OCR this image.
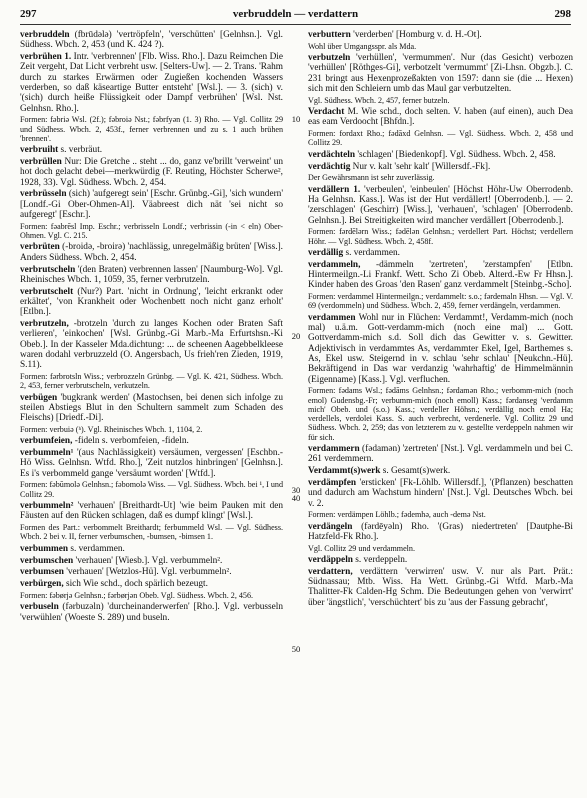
297	verbruddeln — verdattern	298

verbruddeln (fbrūdələ) 'vertröpfeln', 'verschütten' [Gelnhsn.]. Vgl. Südhess. Wbch. 2, 453 (und K. 424 ?).

verbrühen 1. Intr. 'verbrennen' [Flb. Wiss. Rho.]. Dazu Reimchen Die Zeit vergeht, Dat Licht verbreht usw. [Selters-Uw]. — 2. Trans. 'Rahm durch zu starkes Erwärmen oder Zugießen kochenden Wassers verderben, so daß käseartige Butter entsteht' [Wsl.]. — 3. (sich) v. '(sich) durch heiße Flüssigkeit oder Dampf verbrühen' [Wsl. Nst. Gelnhsn. Rho.].

Formen: fəbriə Wsl. (2f.); fəbroiə Nst.; fəbrfyən (1. 3) Rho. — Vgl. Collitz 29 und Südhess. Wbch. 2, 453f., ferner verbrennen und zu s. 1 auch brühen 'brennen'.

verbruiht s. verbräut.

verbrüllen Nur: Die Gretche .. steht ... do, ganz ve'brillt 'verweint' un hot doch gelacht debei—merkwürdig (F. Reuting, Höchster Scherwe², 1928, 33). Vgl. Südhess. Wbch. 2, 454.

verbrüsseln (sich) 'aufgeregt sein' [Eschr. Grünbg.-Gi], 'sich wundern' [Londf.-Gi Ober-Ohmen-Al]. Väabreest dich nät 'sei nicht so aufgeregt' [Eschr.].

Formen: fəabrēsl Imp. Eschr.; verbrisseln Londf.; verbrissin (-in < eln) Ober-Ohmen. Vgl. C. 215.

verbrüten (-broidə, -broirə) 'nachlässig, unregelmäßig brüten' [Wiss.]. Anders Südhess. Wbch. 2, 454.

verbrutscheln '(den Braten) verbrennen lassen' [Naumburg-Wo]. Vgl. Rheinisches Wbch. 1, 1059, 35, ferner verbrutzeln.

verbrutschelt (Nur?) Part. 'nicht in Ordnung', 'leicht erkrankt oder erkältet', 'von Krankheit oder Wochenbett noch nicht ganz erholt' [Etlbn.].

verbrutzeln, -brotzeln 'durch zu langes Kochen oder Braten Saft verlieren', 'einkochen' [Wsl. Grünbg.-Gi Marb.-Ma Erfurtshsn.-Ki Obeb.]. In der Kasseler Mda.dichtung: ... de scheenen Aagebbelkleese waren dodahl verbruzzeld (O. Angersbach, Us frieh'ren Zieden, 1919, S.11).

Formen: fərbrotsln Wiss.; verbrozzeln Grünbg. — Vgl. K. 421, Südhess. Wbch. 2, 453, ferner verbrutscheln, verkutzeln.

verbügen 'bugkrank werden' (Mastochsen, bei denen sich infolge zu steilen Abstiegs Blut in den Schultern sammelt zum Schaden des Fleischs) [Driedf.-Di].

Formen: verbuiə (ʰ). Vgl. Rheinisches Wbch. 1, 1104, 2.

verbumfeien, -fideln s. verbomfeien, -fideln.

verbummeln¹ '(aus Nachlässigkeit) versäumen, vergessen' [Eschbn.-Hö Wiss. Gelnhsn. Wtfd. Rho.], 'Zeit nutzlos hinbringen' [Gelnhsn.]. Es i's verbommeld gange 'versäumt worden' [Wtfd.].

Formen: fəbūmolə Gelnhsn.; fəbomolə Wiss. — Vgl. Südhess. Wbch. bei ¹, I und Collitz 29.

verbummeln² 'verhauen' [Breithardt-Ut] 'wie beim Pauken mit den Fäusten auf den Rücken schlagen, daß es dumpf klingt' [Wsl.].

Formen des Part.: verbommelt Breithardt; ferbummeld Wsl. — Vgl. Südhess. Wbch. 2 bei v. II, ferner verbumschen, -bumsen, -bimsen 1.

verbummen s. verdammen.

verbumschen 'verhauen' [Wiesb.]. Vgl. verbummeln².

verbumsen 'verhauen' [Wetzlos-Hü]. Vgl. verbummeln².

verbürgen, sich Wie schd., doch spärlich bezeugt.

Formen: fəbørjə Gelnhsn.; fərbørjən Obeb. Vgl. Südhess. Wbch. 2, 456.

verbuseln (fərbuzəln) 'durcheinanderwerfen' [Rho.]. Vgl. verbusseln 'verwühlen' (Woeste S. 289) und buseln.

10
20
30
40
50

verbuttern 'verderben' [Homburg v. d. H.-Ot].

Wohl über Umgangsspr. als Mda.

verbutzeln 'verhüllen', 'vermummen'. Nur (das Gesicht) verbozen 'verhüllen' [Röthges-Gi], verbotzelt 'vermummt' [Zi-Lhsn. Obgzb.]. C. 231 bringt aus Hexenprozeßakten von 1597: dann sie (die ... Hexen) sich mit den Schleiern umb das Maul gar verbutzelten.

Vgl. Südhess. Wbch. 2, 457, ferner butzeln.

Verdacht M. Wie schd., doch selten. V. haben (auf einen), auch Dea eas eam Verdoocht [Bhfdn.].

Formen: fordaxt Rho.; fədāxd Gelnhsn. — Vgl. Südhess. Wbch. 2, 458 und Collitz 29.

verdächteln 'schlagen' [Biedenkopf]. Vgl. Südhess. Wbch. 2, 458.

verdächtig Nur v. kalt 'sehr kalt' [Willersdf.-Fk].

Der Gewährsmann ist sehr zuverlässig.

verdällern 1. 'verbeulen', 'einbeulen' [Höchst Höhr-Uw Oberrodenb. Ha Gelnhsn. Kass.]. Was ist der Hut verdällert! [Oberrodenb.]. — 2. 'zerschlagen' (Geschirr) [Wiss.], 'verhauen', 'schlagen' [Oberrodenb. Gelnhsn.]. Bei Streitigkeiten wird mancher verdällert [Oberrodenb.].

Formen: fərdēlərn Wiss.; fədēlən Gelnhsn.; verdellert Part. Höchst; verdellern Höhr. — Vgl. Südhess. Wbch. 2, 458f.

verdällig s. verdammen.

verdammeln, -dämmeln 'zertreten', 'zerstampfen' [Etlbn. Hintermeilgn.-Li Frankf. Wett. Scho Zi Obeb. Alterd.-Ew Fr Hhsn.]. Kinder haben des Groas 'den Rasen' ganz verdammelt [Steinbg.-Scho].

Formen: verdammel Hintermeilgn.; verdammelt: s.o.; fərdemaln Hhsn. — Vgl. V. 69 (verdommeln) und Südhess. Wbch. 2, 459, ferner verdängeln, verdammen.

verdammen Wohl nur in Flüchen: Verdammt!, Verdamm-mich (noch mal) u.ä.m. Gott-verdamm-mich (noch eine mal) ... Gott. Gottverdamm-mich s.d. Soll dich das Gewitter v. s. Gewitter. Adjektivisch in verdammtes As, verdammter Ekel, Igel, Barthemes s. As, Ekel usw. Steigernd in v. schlau 'sehr schlau' [Neukchn.-Hü]. Bekräftigend in Das war verdanzig 'wahrhaftig' de Himmelmännin (Eigenname) [Kass.]. Vgl. verfluchen.

Formen: fədams Wsl.; fədāms Gelnhsn.; fərdamən Rho.; verbomm-mich (noch emol) Gudensbg.-Fr; verbumm-mich (noch emoll) Kass.; fərdanseg 'verdamm mich' Obeb. und (s.o.) Kass.; verdeller Höhsn.; verdällig noch emol Ha; verdellels, verdolei Kass. S. auch verbrecht, verdenerle. Vgl. Collitz 29 und Südhess. Wbch. 2, 259; das von letzterem zu v. gestellte verdeppeln nahmen wir für sich.

verdammern (fədamən) 'zertreten' [Nst.]. Vgl. verdammeln und bei C. 261 verdemmern.

Verdammt(s)werk s. Gesamt(s)werk.

verdämpfen 'ersticken' [Fk-Löhlb. Willersdf.], '(Pflanzen) beschatten und dadurch am Wachstum hindern' [Nst.]. Vgl. Deutsches Wbch. bei v. 2.

Formen: verdämpen Löhlb.; fədemhə, auch -demə Nst.

verdängeln (fərdēyəln) Rho. '(Gras) niedertreten' [Dautphe-Bi Hatzfeld-Fk Rho.].

Vgl. Collitz 29 und verdammeln.

verdäppeln s. verdeppeln.

verdattern, verdättern 'verwirren' usw. V. nur als Part. Prät.: Südnassau; Mtb. Wiss. Ha Wett. Grünbg.-Gi Wtfd. Marb.-Ma Thalitter-Fk Calden-Hg Schm. Die Bedeutungen gehen von 'verwirrt' über 'ängstlich', 'verschüchtert' bis zu 'aus der Fassung gebracht',
